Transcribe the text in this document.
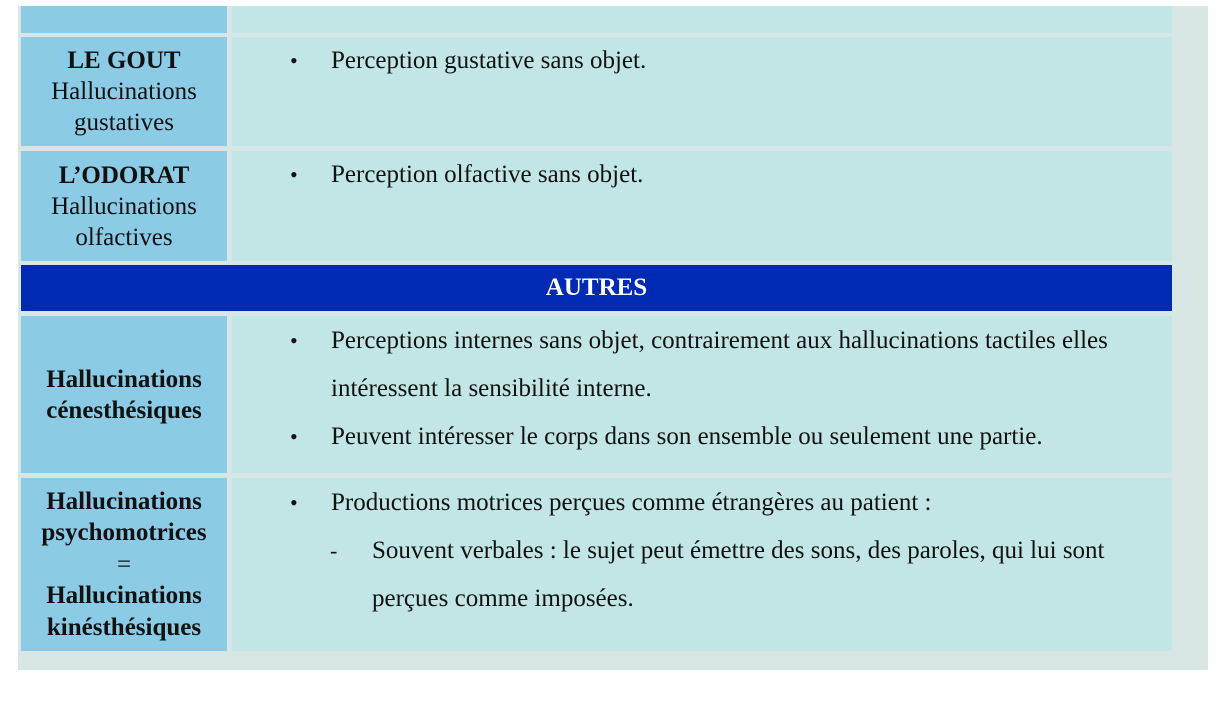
LE GOUT
Hallucinations
gustatives
• Perception gustative sans objet.
L’ODORAT
Hallucinations
olfactives
• Perception olfactive sans objet.
AUTRES
Hallucinations
cénesthésiques
• Perceptions internes sans objet, contrairement aux hallucinations tactiles elles
intéressent la sensibilité interne.
• Peuvent intéresser le corps dans son ensemble ou seulement une partie.
Hallucinations
psychomotrices
=
Hallucinations
kinésthésiques
• Productions motrices perçues comme étrangères au patient :
- Souvent verbales : le sujet peut émettre des sons, des paroles, qui lui sont
perçues comme imposées.
